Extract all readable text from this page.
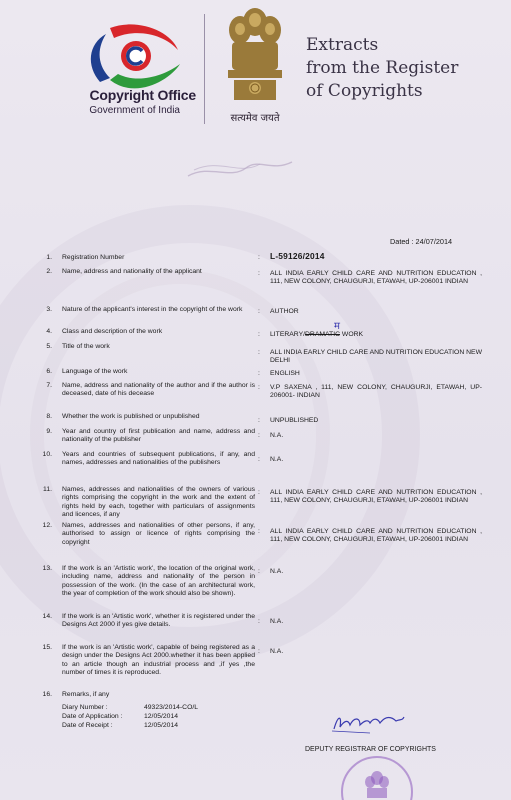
Copyright Office
Government of India
सत्यमेव जयते
Extracts
from the Register
of Copyrights
Dated : 24/07/2014
1. Registration Number	: L-59126/2014
2. Name, address and nationality of the applicant	: ALL INDIA EARLY CHILD CARE AND NUTRITION EDUCATION , 111, NEW COLONY, CHAUGURJI, ETAWAH, UP-206001 INDIAN
3. Nature of the applicant's interest in the copyright of the work	: AUTHOR
4. Class and description of the work	: LITERARY/DRAMATIC WORK
म
5. Title of the work
: ALL INDIA EARLY CHILD CARE AND NUTRITION EDUCATION NEW DELHI
6. Language of the work	: ENGLISH
7. Name, address and nationality of the author and if the author is deceased, date of his decease
: V.P SAXENA , 111, NEW COLONY, CHAUGURJI, ETAWAH, UP-206001- INDIAN
8. Whether the work is published or unpublished
: UNPUBLISHED
9. Year and country of first publication and name, address and nationality of the publisher
: N.A.
10. Years and countries of subsequent publications, if any, and names, addresses and nationalities of the publishers	: N.A.
11. Names, addresses and nationalities of the owners of various rights comprising the copyright in the work and the extent of rights held by each, together with particulars of assignments and licences, if any
: ALL INDIA EARLY CHILD CARE AND NUTRITION EDUCATION , 111, NEW COLONY, CHAUGURJI, ETAWAH, UP-206001 INDIAN
12. Names, addresses and nationalities of other persons, if any, authorised to assign or licence of rights comprising the copyright
: ALL INDIA EARLY CHILD CARE AND NUTRITION EDUCATION , 111, NEW COLONY, CHAUGURJI, ETAWAH, UP-206001 INDIAN
13. If the work is an 'Artistic work', the location of the original work, including name, address and nationality of the person in possession of the work. (In the case of an architectural work, the year of completion of the work should also be shown).
: N.A.
14. If the work is an 'Artistic work', whether it is registered under the Designs Act 2000 if yes give details.	: N.A.
15. If the work is an 'Artistic work', capable of being registered as a design under the Designs Act 2000.whether it has been applied to an article though an industrial process and ,if yes ,the number of times it is reproduced.
: N.A.
16. Remarks, if any
Diary Number :	49323/2014-CO/L
Date of Application :	12/05/2014
Date of Receipt :	12/05/2014
DEPUTY REGISTRAR OF COPYRIGHTS
